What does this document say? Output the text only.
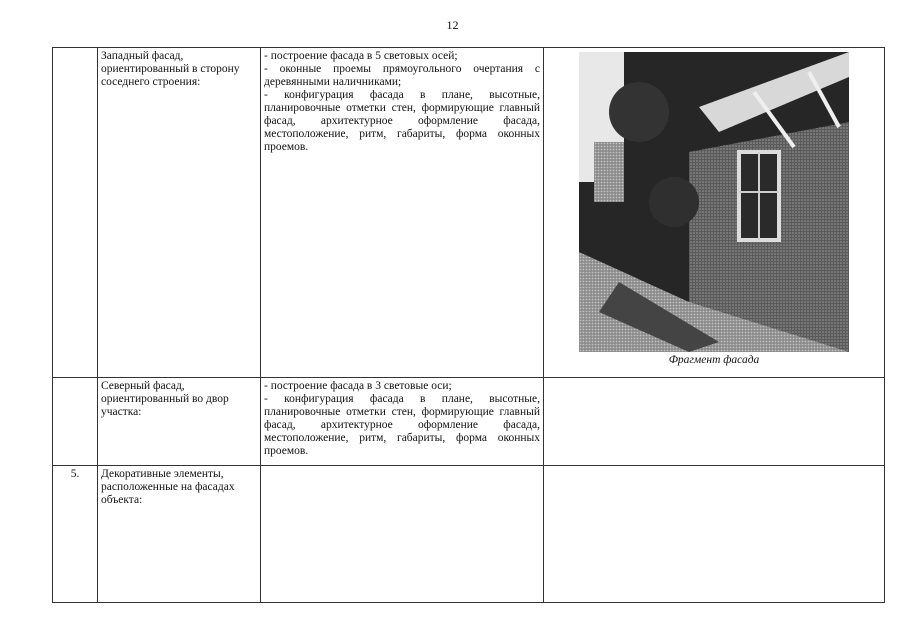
12
	Западный фасад, ориентированный в сторону соседнего строения:	- построение фасада в 5 световых осей;
- оконные проемы прямоугольного очертания с деревянными наличниками;
- конфигурация фасада в плане, высотные, планировочные отметки стен, формирующие главный фасад, архитектурное оформление фасада, местоположение, ритм, габариты, форма оконных проемов.	Фрагмент фасада

	Северный фасад, ориентированный во двор участка:	- построение фасада в 3 световые оси;
- конфигурация фасада в плане, высотные, планировочные отметки стен, формирующие главный фасад, архитектурное оформление фасада, местоположение, ритм, габариты, форма оконных проемов.	

5.	Декоративные элементы, расположенные на фасадах объекта:		
